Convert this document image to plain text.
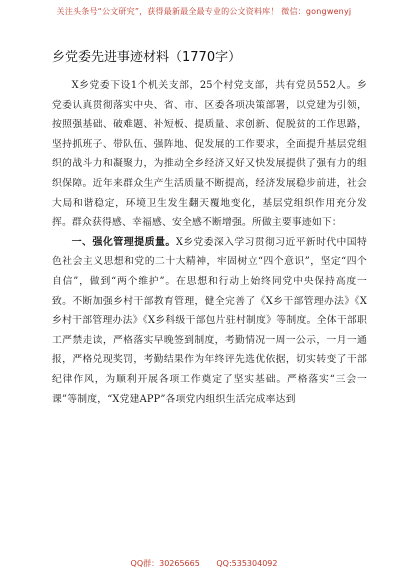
关注头条号“公文研究”，获得最新最全最专业的公文资料库！ 微信：gongwenyj
乡党委先进事迹材料（1770字）

X乡党委下设1个机关支部，25个村党支部，共有党员552人。乡党委认真贯彻落实中央、省、市、区委各项决策部署，以党建为引领，按照强基础、破难题、补短板、提质量、求创新、促脱贫的工作思路，坚持抓班子、带队伍、强阵地、促发展的工作要求，全面提升基层党组织的战斗力和凝聚力，为推动全乡经济又好又快发展提供了强有力的组织保障。近年来群众生产生活质量不断提高，经济发展稳步前进，社会大局和谐稳定，环境卫生发生翻天覆地变化，基层党组织作用充分发挥。群众获得感、幸福感、安全感不断增强。所做主要事迹如下：

一、强化管理提质量。X乡党委深入学习贯彻习近平新时代中国特色社会主义思想和党的二十大精神，牢固树立“四个意识”，坚定“四个自信”，做到“两个维护”。在思想和行动上始终同党中央保持高度一致。不断加强乡村干部教育管理，健全完善了《X乡干部管理办法》《X乡村干部管理办法》《X乡科级干部包片驻村制度》等制度。全体干部职工严禁走读，严格落实早晚签到制度，考勤情况一周一公示，一月一通报，严格兑现奖罚，考勤结果作为年终评先选优依据，切实转变了干部纪律作风，为顺利开展各项工作奠定了坚实基础。严格落实“三会一课”等制度，“X党建APP”各项党内组织生活完成率达到

QQ群：30265665 QQ:535304092
